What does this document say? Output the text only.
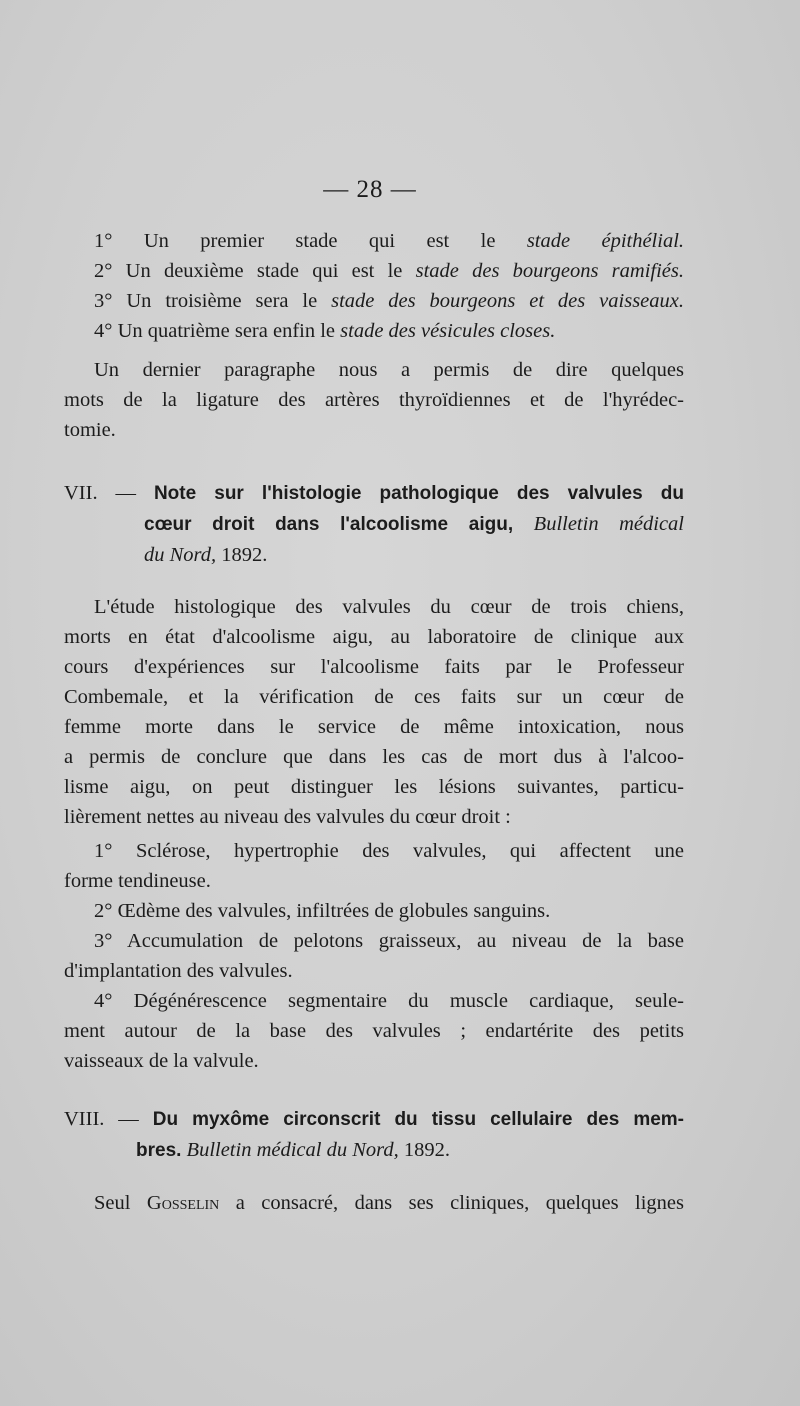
— 28 —
1° Un premier stade qui est le stade épithélial.
2° Un deuxième stade qui est le stade des bourgeons ramifiés.
3° Un troisième sera le stade des bourgeons et des vaisseaux.
4° Un quatrième sera enfin le stade des vésicules closes.
Un dernier paragraphe nous a permis de dire quelques
mots de la ligature des artères thyroïdiennes et de l'hyrédec-
tomie.
VII. — Note sur l'histologie pathologique des valvules du
cœur droit dans l'alcoolisme aigu, Bulletin médical
du Nord, 1892.
L'étude histologique des valvules du cœur de trois chiens,
morts en état d'alcoolisme aigu, au laboratoire de clinique aux
cours d'expériences sur l'alcoolisme faits par le Professeur
Combemale, et la vérification de ces faits sur un cœur de
femme morte dans le service de même intoxication, nous
a permis de conclure que dans les cas de mort dus à l'alcoo-
lisme aigu, on peut distinguer les lésions suivantes, particu-
lièrement nettes au niveau des valvules du cœur droit :
1° Sclérose, hypertrophie des valvules, qui affectent une
forme tendineuse.
2° Œdème des valvules, infiltrées de globules sanguins.
3° Accumulation de pelotons graisseux, au niveau de la base
d'implantation des valvules.
4° Dégénérescence segmentaire du muscle cardiaque, seule-
ment autour de la base des valvules ; endartérite des petits
vaisseaux de la valvule.
VIII. — Du myxôme circonscrit du tissu cellulaire des mem-
bres. Bulletin médical du Nord, 1892.
Seul Gosselin a consacré, dans ses cliniques, quelques lignes
